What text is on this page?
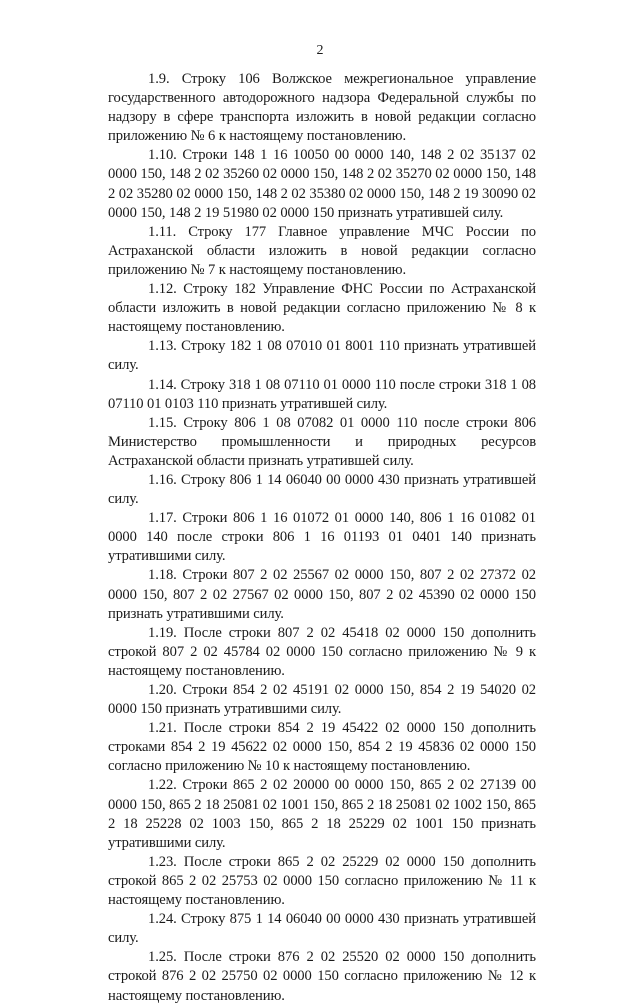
2

1.9. Строку 106 Волжское межрегиональное управление государственного автодорожного надзора Федеральной службы по надзору в сфере транспорта изложить в новой редакции согласно приложению № 6 к настоящему постановлению.

1.10. Строки 148 1 16 10050 00 0000 140, 148 2 02 35137 02 0000 150, 148 2 02 35260 02 0000 150, 148 2 02 35270 02 0000 150, 148 2 02 35280 02 0000 150, 148 2 02 35380 02 0000 150, 148 2 19 30090 02 0000 150, 148 2 19 51980 02 0000 150 признать утратившей силу.

1.11. Строку 177 Главное управление МЧС России по Астраханской области изложить в новой редакции согласно приложению № 7 к настоящему постановлению.

1.12. Строку 182 Управление ФНС России по Астраханской области изложить в новой редакции согласно приложению № 8 к настоящему постановлению.

1.13. Строку 182 1 08 07010 01 8001 110 признать утратившей силу.

1.14. Строку 318 1 08 07110 01 0000 110 после строки 318 1 08 07110 01 0103 110 признать утратившей силу.

1.15. Строку 806 1 08 07082 01 0000 110 после строки 806 Министерство промышленности и природных ресурсов Астраханской области признать утратившей силу.

1.16. Строку 806 1 14 06040 00 0000 430 признать утратившей силу.

1.17. Строки 806 1 16 01072 01 0000 140, 806 1 16 01082 01 0000 140 после строки 806 1 16 01193 01 0401 140 признать утратившими силу.

1.18. Строки 807 2 02 25567 02 0000 150, 807 2 02 27372 02 0000 150, 807 2 02 27567 02 0000 150, 807 2 02 45390 02 0000 150 признать утратившими силу.

1.19. После строки 807 2 02 45418 02 0000 150 дополнить строкой 807 2 02 45784 02 0000 150 согласно приложению № 9 к настоящему постановлению.

1.20. Строки 854 2 02 45191 02 0000 150, 854 2 19 54020 02 0000 150 признать утратившими силу.

1.21. После строки 854 2 19 45422 02 0000 150 дополнить строками 854 2 19 45622 02 0000 150, 854 2 19 45836 02 0000 150 согласно приложению № 10 к настоящему постановлению.

1.22. Строки 865 2 02 20000 00 0000 150, 865 2 02 27139 00 0000 150, 865 2 18 25081 02 1001 150, 865 2 18 25081 02 1002 150, 865 2 18 25228 02 1003 150, 865 2 18 25229 02 1001 150 признать утратившими силу.

1.23. После строки 865 2 02 25229 02 0000 150 дополнить строкой 865 2 02 25753 02 0000 150 согласно приложению № 11 к настоящему постановлению.

1.24. Строку 875 1 14 06040 00 0000 430 признать утратившей силу.

1.25. После строки 876 2 02 25520 02 0000 150 дополнить строкой 876 2 02 25750 02 0000 150 согласно приложению № 12 к настоящему постановлению.
